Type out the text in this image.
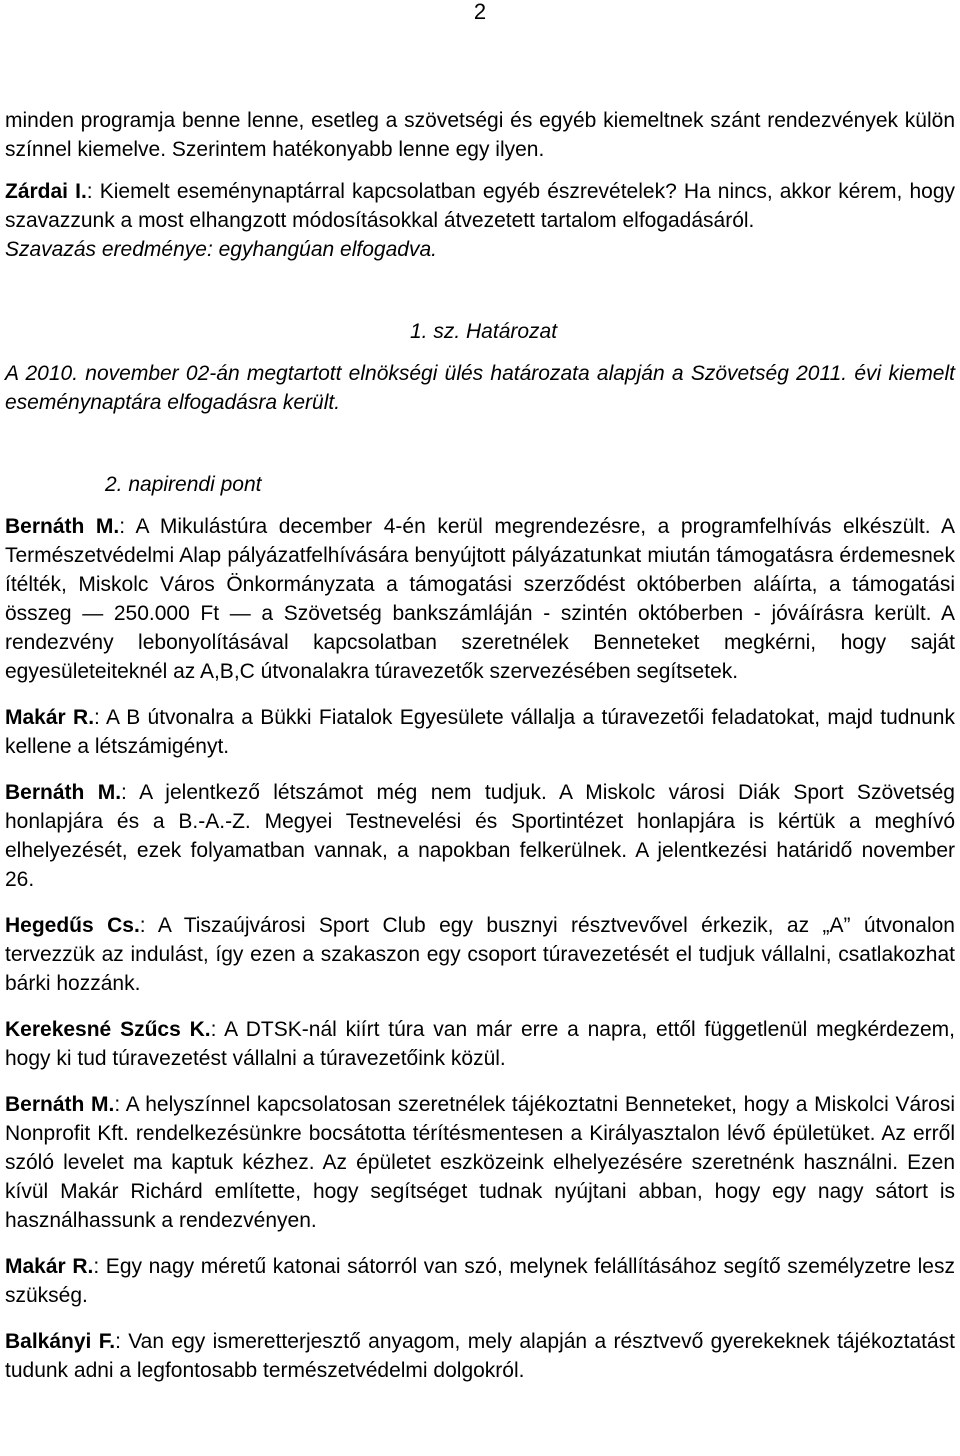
2

minden programja benne lenne, esetleg a szövetségi és egyéb kiemeltnek szánt rendezvények külön színnel kiemelve. Szerintem hatékonyabb lenne egy ilyen.

Zárdai I.: Kiemelt eseménynaptárral kapcsolatban egyéb észrevételek? Ha nincs, akkor kérem, hogy szavazzunk a most elhangzott módosításokkal átvezetett tartalom elfogadásáról.

Szavazás eredménye: egyhangúan elfogadva.

1. sz. Határozat

A 2010. november 02-án megtartott elnökségi ülés határozata alapján a Szövetség 2011. évi kiemelt eseménynaptára elfogadásra került.

2. napirendi pont

Bernáth M.: A Mikulástúra december 4-én kerül megrendezésre, a programfelhívás elkészült. A Természetvédelmi Alap pályázatfelhívására benyújtott pályázatunkat miután támogatásra érdemesnek ítélték, Miskolc Város Önkormányzata a támogatási szerződést októberben aláírta, a támogatási összeg — 250.000 Ft — a Szövetség bankszámláján - szintén októberben - jóváírásra került. A rendezvény lebonyolításával kapcsolatban szeretnélek Benneteket megkérni, hogy saját egyesületeiteknél az A,B,C útvonalakra túravezetők szervezésében segítsetek.

Makár R.: A B útvonalra a Bükki Fiatalok Egyesülete vállalja a túravezetői feladatokat, majd tudnunk kellene a létszámigényt.

Bernáth M.: A jelentkező létszámot még nem tudjuk. A Miskolc városi Diák Sport Szövetség honlapjára és a B.-A.-Z. Megyei Testnevelési és Sportintézet honlapjára is kértük a meghívó elhelyezését, ezek folyamatban vannak, a napokban felkerülnek. A jelentkezési határidő november 26.

Hegedűs Cs.: A Tiszaújvárosi Sport Club egy busznyi résztvevővel érkezik, az „A” útvonalon tervezzük az indulást, így ezen a szakaszon egy csoport túravezetését el tudjuk vállalni, csatlakozhat bárki hozzánk.

Kerekesné Szűcs K.: A DTSK-nál kiírt túra van már erre a napra, ettől függetlenül megkérdezem, hogy ki tud túravezetést vállalni a túravezetőink közül.

Bernáth M.: A helyszínnel kapcsolatosan szeretnélek tájékoztatni Benneteket, hogy a Miskolci Városi Nonprofit Kft. rendelkezésünkre bocsátotta térítésmentesen a Királyasztalon lévő épületüket. Az erről szóló levelet ma kaptuk kézhez. Az épületet eszközeink elhelyezésére szeretnénk használni. Ezen kívül Makár Richárd említette, hogy segítséget tudnak nyújtani abban, hogy egy nagy sátort is használhassunk a rendezvényen.

Makár R.: Egy nagy méretű katonai sátorról van szó, melynek felállításához segítő személyzetre lesz szükség.

Balkányi F.: Van egy ismeretterjesztő anyagom, mely alapján a résztvevő gyerekeknek tájékoztatást tudunk adni a legfontosabb természetvédelmi dolgokról.
